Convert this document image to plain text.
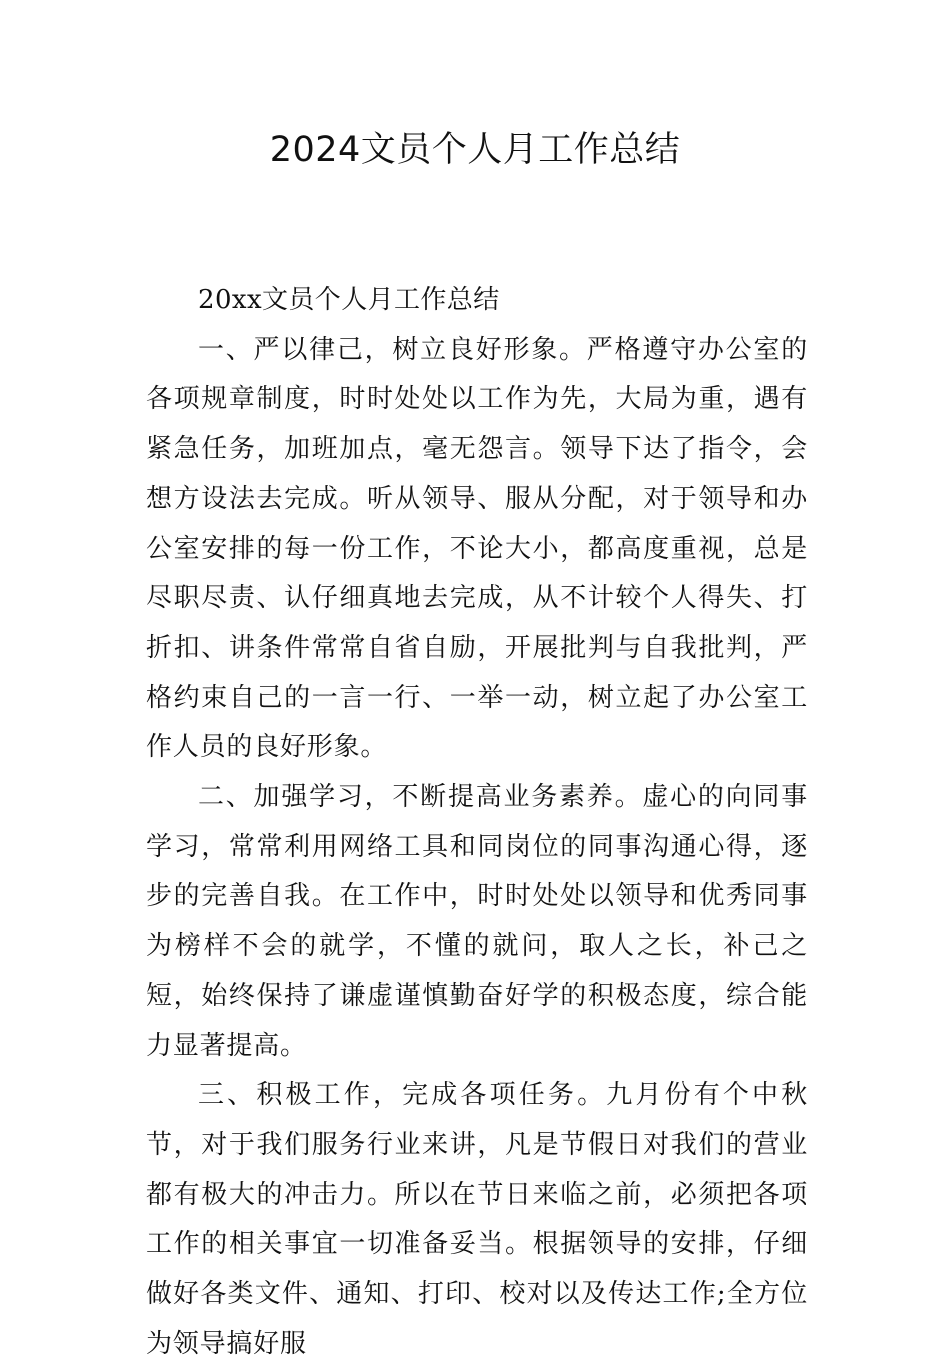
2024文员个人月工作总结

20xx文员个人月工作总结

一、严以律己，树立良好形象。严格遵守办公室的各项规章制度，时时处处以工作为先，大局为重，遇有紧急任务，加班加点，毫无怨言。领导下达了指令，会想方设法去完成。听从领导、服从分配，对于领导和办公室安排的每一份工作，不论大小，都高度重视，总是尽职尽责、认仔细真地去完成，从不计较个人得失、打折扣、讲条件常常自省自励，开展批判与自我批判，严格约束自己的一言一行、一举一动，树立起了办公室工作人员的良好形象。

二、加强学习，不断提高业务素养。虚心的向同事学习，常常利用网络工具和同岗位的同事沟通心得，逐步的完善自我。在工作中，时时处处以领导和优秀同事为榜样不会的就学，不懂的就问，取人之长，补己之短，始终保持了谦虚谨慎勤奋好学的积极态度，综合能力显著提高。

三、积极工作，完成各项任务。九月份有个中秋节，对于我们服务行业来讲，凡是节假日对我们的营业都有极大的冲击力。所以在节日来临之前，必须把各项工作的相关事宜一切准备妥当。根据领导的安排，仔细做好各类文件、通知、打印、校对以及传达工作;全方位为领导搞好服
